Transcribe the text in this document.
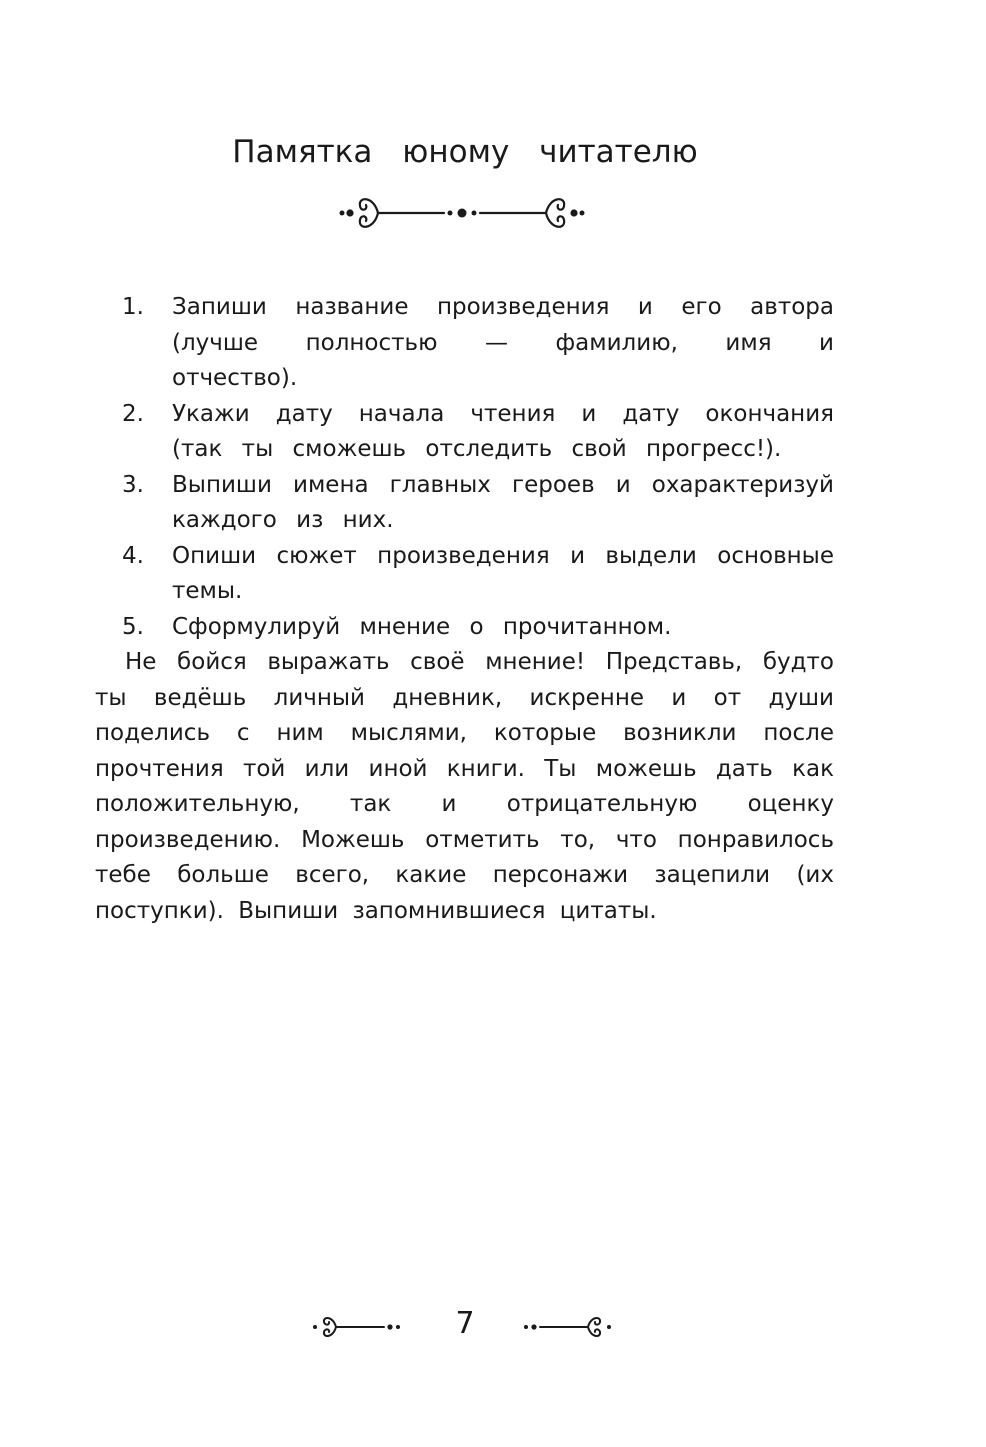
Памятка юному читателю
1. Запиши название произведения и его автора (лучше полностью — фамилию, имя и отчество).
2. Укажи дату начала чтения и дату окончания (так ты сможешь отследить свой прогресс!).
3. Выпиши имена главных героев и охарактеризуй каждого из них.
4. Опиши сюжет произведения и выдели основные темы.
5. Сформулируй мнение о прочитанном.

Не бойся выражать своё мнение! Представь, будто ты ведёшь личный дневник, искренне и от души поделись с ним мыслями, которые возникли после прочтения той или иной книги. Ты можешь дать как положительную, так и отрицательную оценку произведению. Можешь отметить то, что понравилось тебе больше всего, какие персонажи зацепили (их поступки). Выпиши запомнившиеся цитаты.

7
